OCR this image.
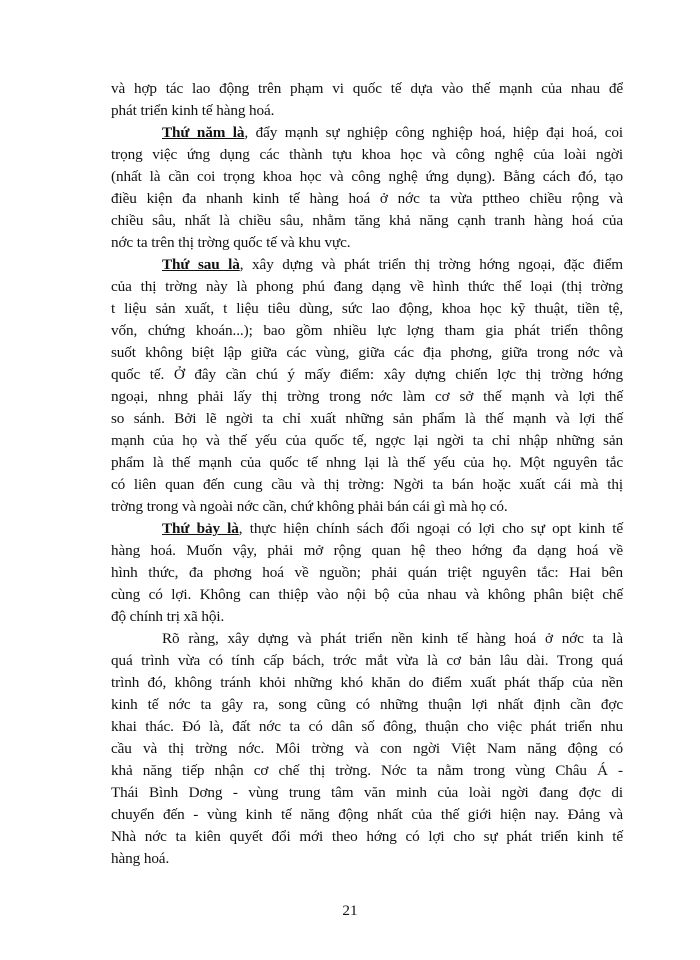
và hợp tác lao động trên phạm vi quốc tế dựa vào thế mạnh của nhau để

phát triển kinh tế hàng hoá.

Thứ năm là, đẩy mạnh sự nghiệp công nghiệp hoá, hiệp đại hoá, coi

trọng việc ứng dụng các thành tựu khoa học và công nghệ của loài ngời

(nhất là cần coi trọng khoa học và công nghệ ứng dụng). Bằng cách đó, tạo

điều kiện đa nhanh kinh tế hàng hoá ở nớc ta vừa pttheo chiều rộng và

chiều sâu, nhất là chiều sâu, nhằm tăng khả năng cạnh tranh hàng hoá của

nớc ta trên thị trờng quốc tế và khu vực.

Thứ sau là, xây dựng và phát triển thị trờng hớng ngoại, đặc điểm

của thị trờng này là phong phú đang dạng về hình thức thể loại (thị trờng

t liệu sản xuất, t liệu tiêu dùng, sức lao động, khoa học kỹ thuật, tiền tệ,

vốn, chứng khoán...); bao gồm nhiều lực lợng tham gia phát triển thông

suốt không biệt lập giữa các vùng, giữa các địa phơng, giữa trong nớc và

quốc tế. Ở đây cần chú ý mấy điểm: xây dựng chiến lợc thị trờng hớng

ngoại, nhng phải lấy thị trờng trong nớc làm cơ sở thế mạnh và lợi thế

so sánh. Bởi lẽ ngời ta chỉ xuất những sản phẩm là thế mạnh và lợi thế

mạnh của họ và thế yếu của quốc tế, ngợc lại ngời ta chỉ nhập những sản

phẩm là thế mạnh của quốc tế nhng lại là thế yếu của họ. Một nguyên tắc

có liên quan đến cung cầu và thị trờng: Ngời ta bán hoặc xuất cái mà thị

trờng trong và ngoài nớc cần, chứ không phải bán cái gì mà họ có.

Thứ bảy là, thực hiện chính sách đối ngoại có lợi cho sự opt kinh tế

hàng hoá. Muốn vậy, phải mở rộng quan hệ theo hớng đa dạng hoá về

hình thức, đa phơng hoá về nguồn; phải quán triệt nguyên tắc: Hai bên

cùng có lợi. Không can thiệp vào nội bộ của nhau và không phân biệt chế

độ chính trị xã hội.

Rõ ràng, xây dựng và phát triển nền kinh tế hàng hoá ở nớc ta là

quá trình vừa có tính cấp bách, trớc mắt vừa là cơ bản lâu dài. Trong quá

trình đó, không tránh khỏi những khó khăn do điểm xuất phát thấp của nền

kinh tế nớc ta gây ra, song cũng có những thuận lợi nhất định cần đợc

khai thác. Đó là, đất nớc ta có dân số đông, thuận cho việc phát triển nhu

cầu và thị trờng nớc. Môi trờng và con ngời Việt Nam năng động có

khả năng tiếp nhận cơ chế thị trờng. Nớc ta nằm trong vùng Châu Á -

Thái Bình Dơng - vùng trung tâm văn minh của loài ngời đang đợc di

chuyển đến - vùng kinh tế năng động nhất của thế giới hiện nay. Đảng và

Nhà nớc ta kiên quyết đổi mới theo hớng có lợi cho sự phát triển kinh tế

hàng hoá.

21
